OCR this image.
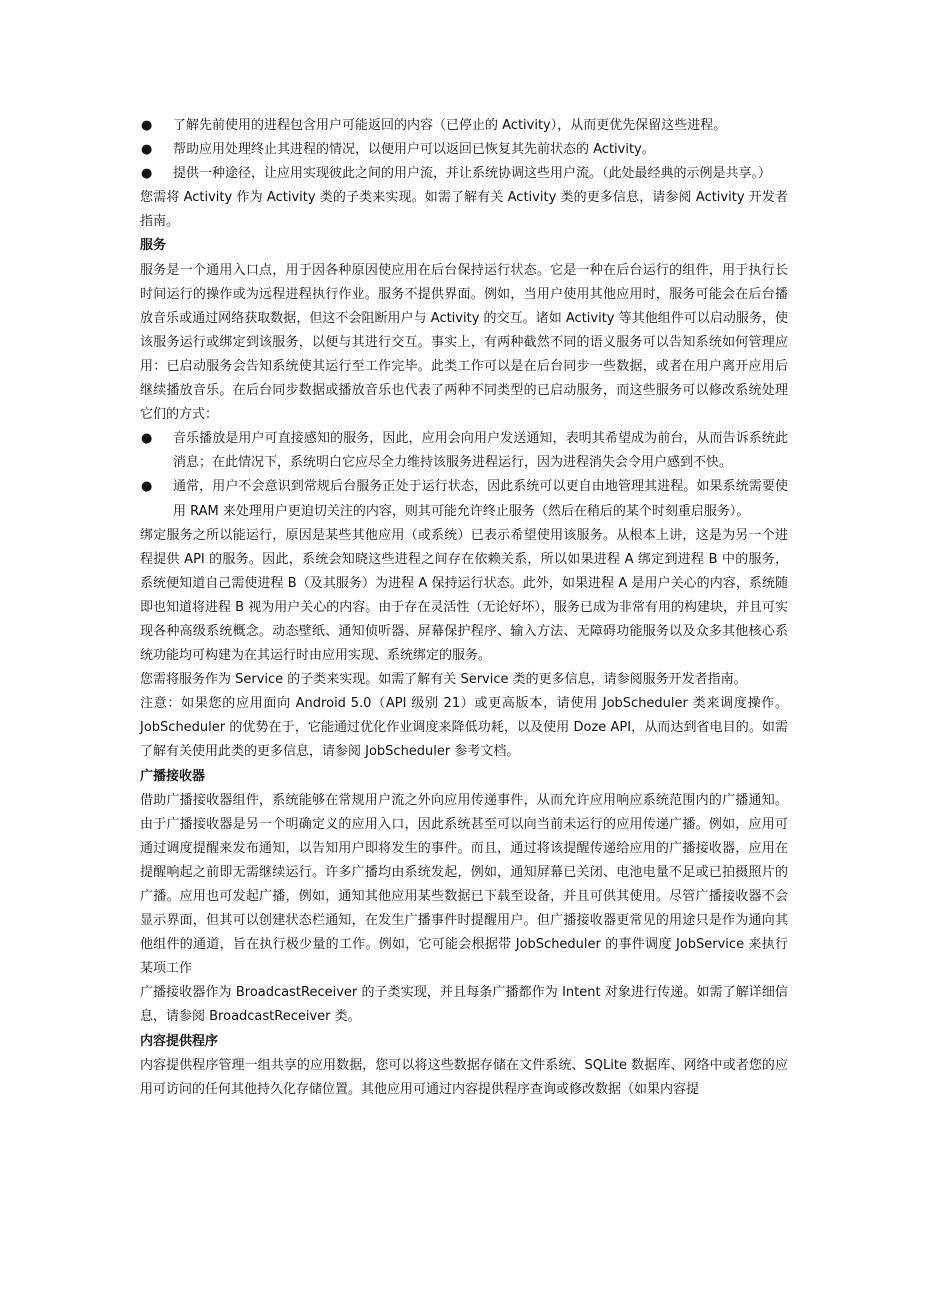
● 了解先前使用的进程包含用户可能返回的内容（已停止的 Activity），从而更优先保留这些进程。
● 帮助应用处理终止其进程的情况，以便用户可以返回已恢复其先前状态的 Activity。
● 提供一种途径，让应用实现彼此之间的用户流，并让系统协调这些用户流。（此处最经典的示例是共享。）

您需将 Activity 作为 Activity 类的子类来实现。如需了解有关 Activity 类的更多信息，请参阅 Activity 开发者指南。

服务

服务是一个通用入口点，用于因各种原因使应用在后台保持运行状态。它是一种在后台运行的组件，用于执行长时间运行的操作或为远程进程执行作业。服务不提供界面。例如，当用户使用其他应用时，服务可能会在后台播放音乐或通过网络获取数据，但这不会阻断用户与 Activity 的交互。诸如 Activity 等其他组件可以启动服务，使该服务运行或绑定到该服务，以便与其进行交互。事实上，有两种截然不同的语义服务可以告知系统如何管理应用：已启动服务会告知系统使其运行至工作完毕。此类工作可以是在后台同步一些数据，或者在用户离开应用后继续播放音乐。在后台同步数据或播放音乐也代表了两种不同类型的已启动服务，而这些服务可以修改系统处理它们的方式：

● 音乐播放是用户可直接感知的服务，因此，应用会向用户发送通知，表明其希望成为前台，从而告诉系统此消息；在此情况下，系统明白它应尽全力维持该服务进程运行，因为进程消失会令用户感到不快。
● 通常，用户不会意识到常规后台服务正处于运行状态，因此系统可以更自由地管理其进程。如果系统需要使用 RAM 来处理用户更迫切关注的内容，则其可能允许终止服务（然后在稍后的某个时刻重启服务）。

绑定服务之所以能运行，原因是某些其他应用（或系统）已表示希望使用该服务。从根本上讲，这是为另一个进程提供 API 的服务。因此，系统会知晓这些进程之间存在依赖关系，所以如果进程 A 绑定到进程 B 中的服务，系统便知道自己需使进程 B（及其服务）为进程 A 保持运行状态。此外，如果进程 A 是用户关心的内容，系统随即也知道将进程 B 视为用户关心的内容。由于存在灵活性（无论好坏），服务已成为非常有用的构建块，并且可实现各种高级系统概念。动态壁纸、通知侦听器、屏幕保护程序、输入方法、无障碍功能服务以及众多其他核心系统功能均可构建为在其运行时由应用实现、系统绑定的服务。

您需将服务作为 Service 的子类来实现。如需了解有关 Service 类的更多信息，请参阅服务开发者指南。

注意：如果您的应用面向 Android 5.0（API 级别 21）或更高版本，请使用 JobScheduler 类来调度操作。JobScheduler 的优势在于，它能通过优化作业调度来降低功耗，以及使用 Doze API，从而达到省电目的。如需了解有关使用此类的更多信息，请参阅 JobScheduler 参考文档。

广播接收器

借助广播接收器组件，系统能够在常规用户流之外向应用传递事件，从而允许应用响应系统范围内的广播通知。由于广播接收器是另一个明确定义的应用入口，因此系统甚至可以向当前未运行的应用传递广播。例如，应用可通过调度提醒来发布通知，以告知用户即将发生的事件。而且，通过将该提醒传递给应用的广播接收器，应用在提醒响起之前即无需继续运行。许多广播均由系统发起，例如，通知屏幕已关闭、电池电量不足或已拍摄照片的广播。应用也可发起广播，例如，通知其他应用某些数据已下载至设备，并且可供其使用。尽管广播接收器不会显示界面，但其可以创建状态栏通知，在发生广播事件时提醒用户。但广播接收器更常见的用途只是作为通向其他组件的通道，旨在执行极少量的工作。例如，它可能会根据带 JobScheduler 的事件调度 JobService 来执行某项工作

广播接收器作为 BroadcastReceiver 的子类实现，并且每条广播都作为 Intent 对象进行传递。如需了解详细信息，请参阅 BroadcastReceiver 类。

内容提供程序

内容提供程序管理一组共享的应用数据，您可以将这些数据存储在文件系统、SQLite 数据库、网络中或者您的应用可访问的任何其他持久化存储位置。其他应用可通过内容提供程序查询或修改数据（如果内容提
